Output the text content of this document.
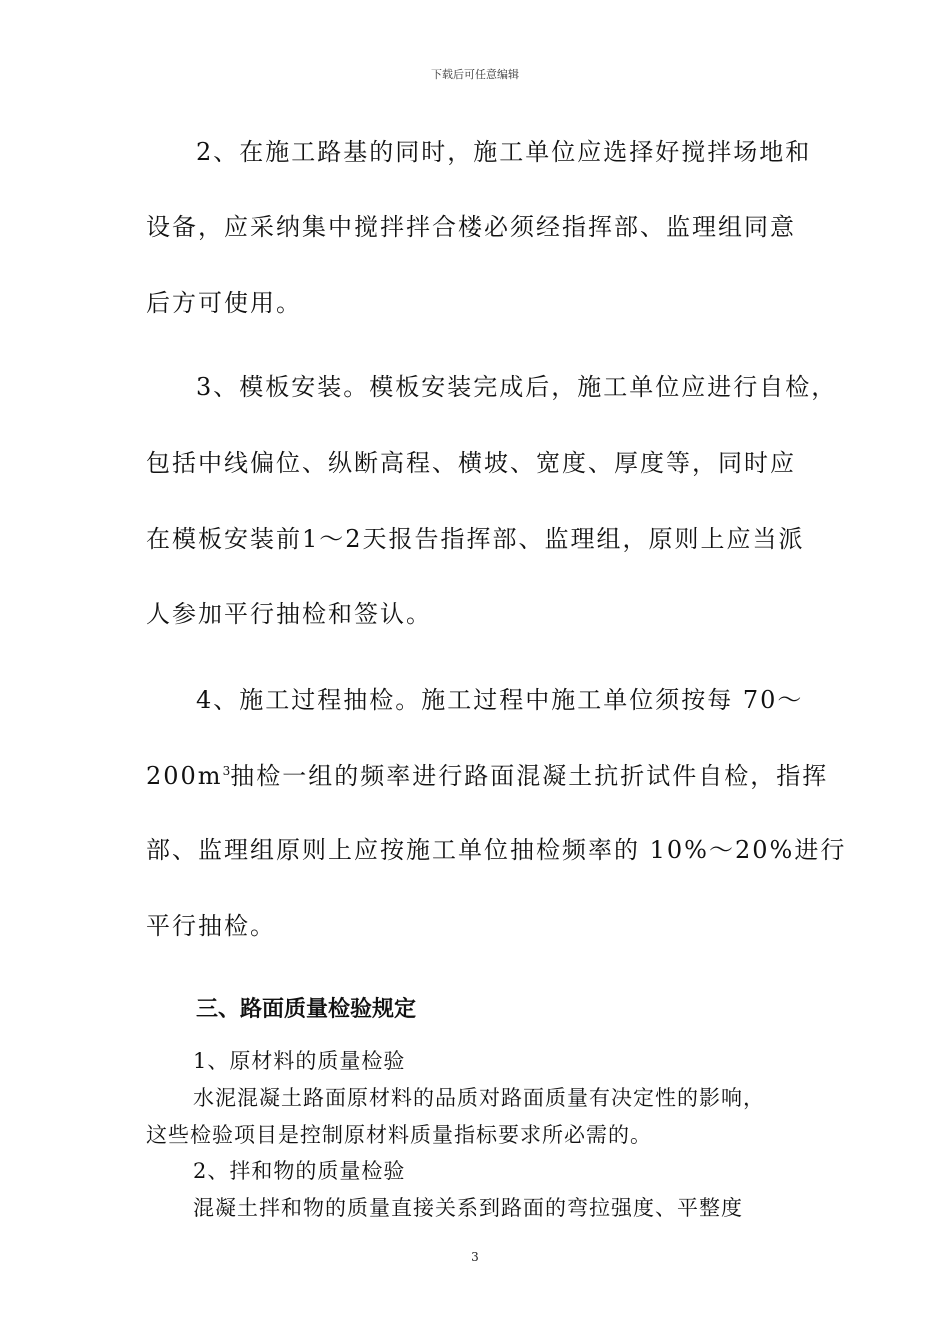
下载后可任意编辑
2、在施工路基的同时，施工单位应选择好搅拌场地和
设备，应采纳集中搅拌拌合楼必须经指挥部、监理组同意
后方可使用。
3、模板安装。模板安装完成后，施工单位应进行自检，
包括中线偏位、纵断高程、横坡、宽度、厚度等，同时应
在模板安装前1～2天报告指挥部、监理组，原则上应当派
人参加平行抽检和签认。
4、施工过程抽检。施工过程中施工单位须按每 70～
$200m^3$抽检一组的频率进行路面混凝土抗折试件自检，指挥
部、监理组原则上应按施工单位抽检频率的 10%～20%进行
平行抽检。
三、路面质量检验规定
1、原材料的质量检验
水泥混凝土路面原材料的品质对路面质量有决定性的影响，
这些检验项目是控制原材料质量指标要求所必需的。
2、拌和物的质量检验
混凝土拌和物的质量直接关系到路面的弯拉强度、平整度
3
